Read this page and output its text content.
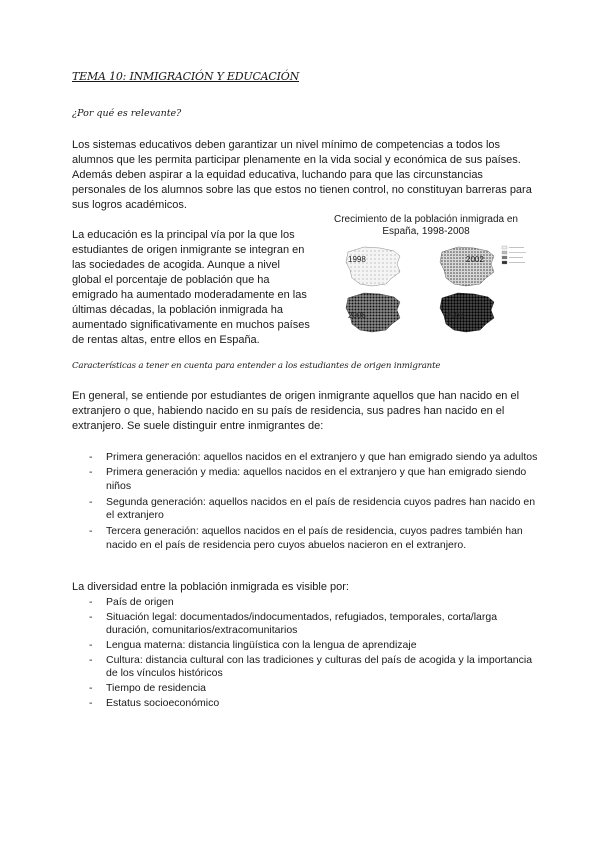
TEMA 10: INMIGRACIÓN Y EDUCACIÓN
¿Por qué es relevante?

Los sistemas educativos deben garantizar un nivel mínimo de competencias a todos los alumnos que les permita participar plenamente en la vida social y económica de sus países. Además deben aspirar a la equidad educativa, luchando para que las circunstancias personales de los alumnos sobre las que estos no tienen control, no constituyan barreras para sus logros académicos.

La educación es la principal vía por la que los estudiantes de origen inmigrante se integran en las sociedades de acogida. Aunque a nivel global el porcentaje de población que ha emigrado ha aumentado moderadamente en las últimas décadas, la población inmigrada ha aumentado significativamente en muchos países de rentas altas, entre ellos en España.

Crecimiento de la población inmigrada en España, 1998-2008
1998	2002
2006	2008
Características a tener en cuenta para entender a los estudiantes de origen inmigrante

En general, se entiende por estudiantes de origen inmigrante aquellos que han nacido en el extranjero o que, habiendo nacido en su país de residencia, sus padres han nacido en el extranjero. Se suele distinguir entre inmigrantes de:

- Primera generación: aquellos nacidos en el extranjero y que han emigrado siendo ya adultos
- Primera generación y media: aquellos nacidos en el extranjero y que han emigrado siendo niños
- Segunda generación: aquellos nacidos en el país de residencia cuyos padres han nacido en el extranjero
- Tercera generación: aquellos nacidos en el país de residencia, cuyos padres también han nacido en el país de residencia pero cuyos abuelos nacieron en el extranjero.

La diversidad entre la población inmigrada es visible por:

- País de origen
- Situación legal: documentados/indocumentados, refugiados, temporales, corta/larga duración, comunitarios/extracomunitarios
- Lengua materna: distancia lingüística con la lengua de aprendizaje
- Cultura: distancia cultural con las tradiciones y culturas del país de acogida y la importancia de los vínculos históricos
- Tiempo de residencia
- Estatus socioeconómico
